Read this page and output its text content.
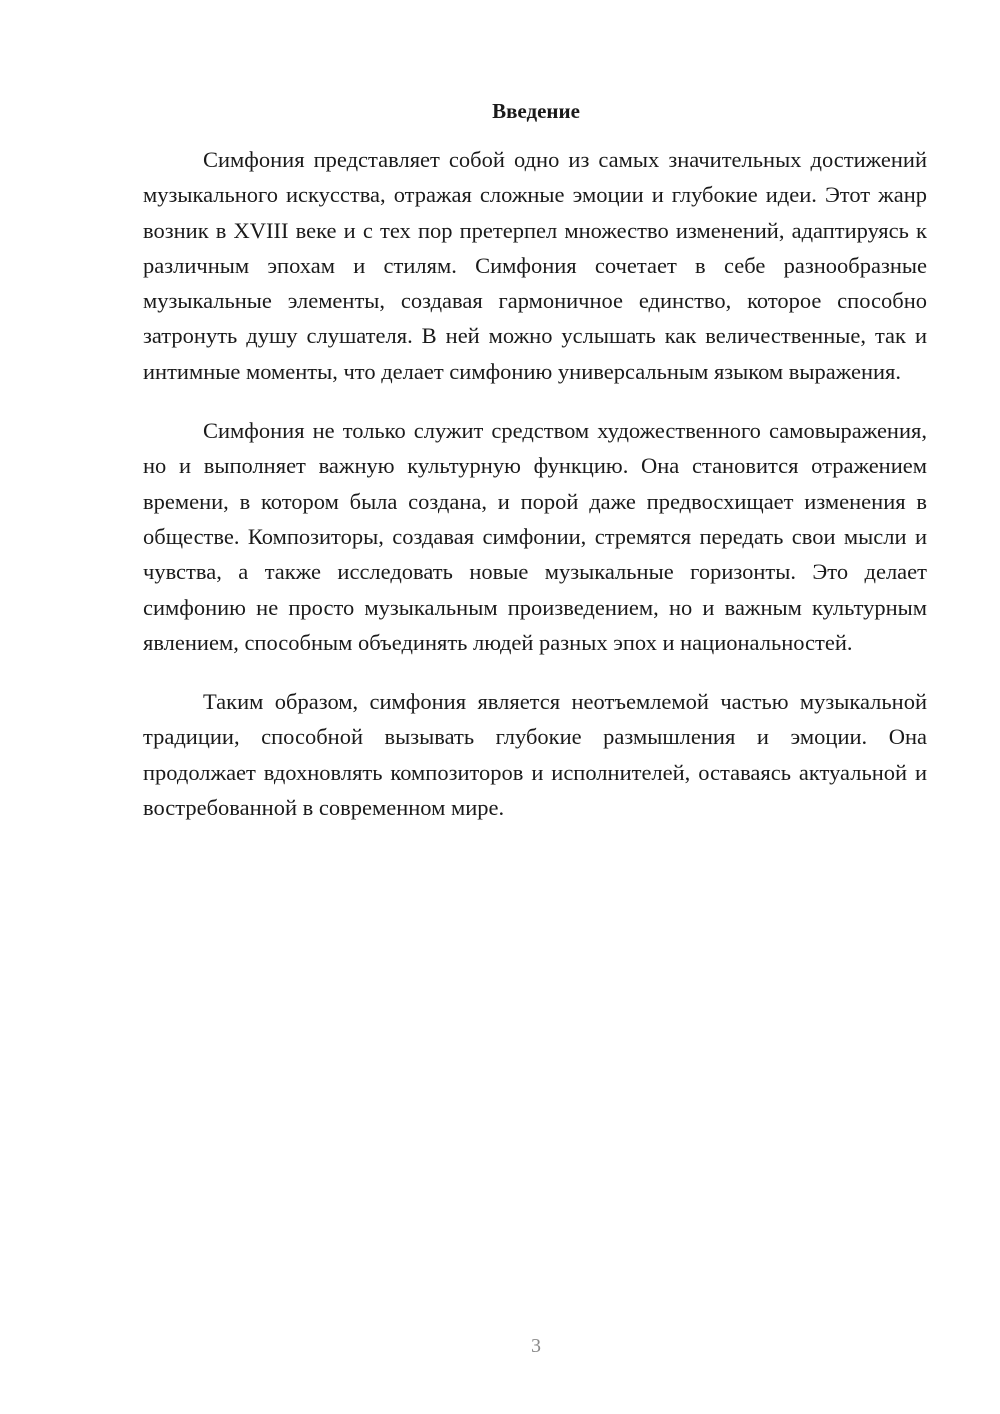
Введение

Симфония представляет собой одно из самых значительных достижений музыкального искусства, отражая сложные эмоции и глубокие идеи. Этот жанр возник в XVIII веке и с тех пор претерпел множество изменений, адаптируясь к различным эпохам и стилям. Симфония сочетает в себе разнообразные музыкальные элементы, создавая гармоничное единство, которое способно затронуть душу слушателя. В ней можно услышать как величественные, так и интимные моменты, что делает симфонию универсальным языком выражения.

Симфония не только служит средством художественного самовыражения, но и выполняет важную культурную функцию. Она становится отражением времени, в котором была создана, и порой даже предвосхищает изменения в обществе. Композиторы, создавая симфонии, стремятся передать свои мысли и чувства, а также исследовать новые музыкальные горизонты. Это делает симфонию не просто музыкальным произведением, но и важным культурным явлением, способным объединять людей разных эпох и национальностей.

Таким образом, симфония является неотъемлемой частью музыкальной традиции, способной вызывать глубокие размышления и эмоции. Она продолжает вдохновлять композиторов и исполнителей, оставаясь актуальной и востребованной в современном мире.

3
